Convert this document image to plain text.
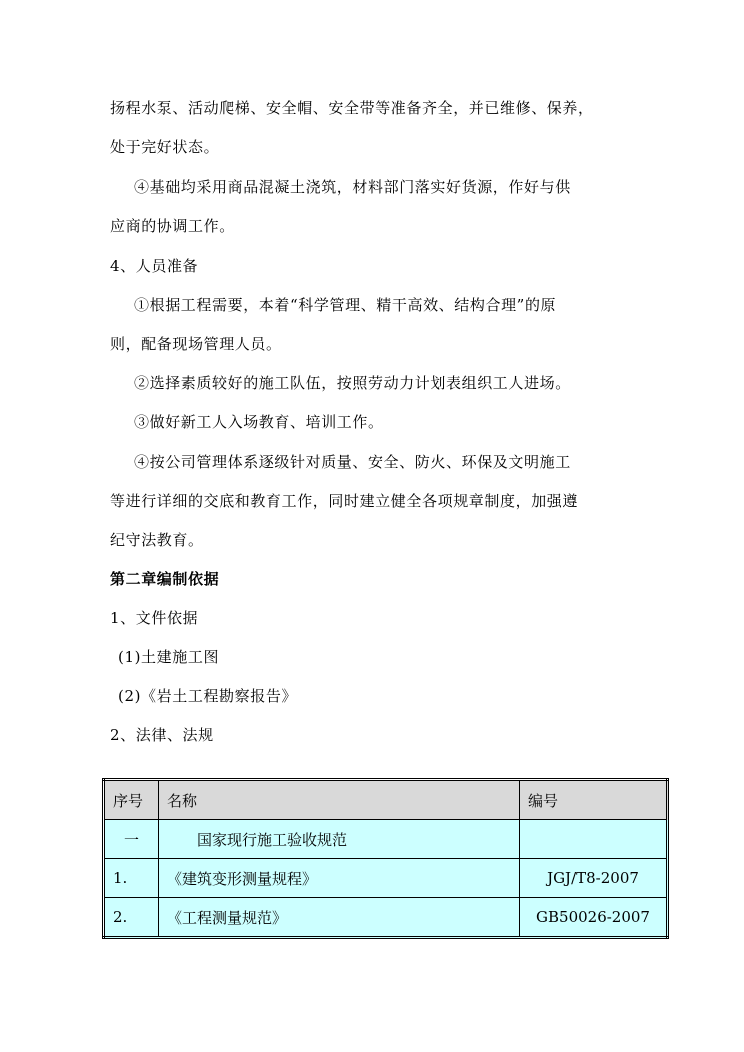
扬程水泵、活动爬梯、安全帽、安全带等准备齐全，并已维修、保养，
处于完好状态。
④基础均采用商品混凝土浇筑，材料部门落实好货源，作好与供
应商的协调工作。
4、人员准备
①根据工程需要，本着“科学管理、精干高效、结构合理”的原
则，配备现场管理人员。
②选择素质较好的施工队伍，按照劳动力计划表组织工人进场。
③做好新工人入场教育、培训工作。
④按公司管理体系逐级针对质量、安全、防火、环保及文明施工
等进行详细的交底和教育工作，同时建立健全各项规章制度，加强遵
纪守法教育。
第二章编制依据
1、文件依据
(1)土建施工图
(2)《岩土工程勘察报告》
2、法律、法规
序号	名称	编号
一	国家现行施工验收规范	
1.	《建筑变形测量规程》	JGJ/T8-2007
2.	《工程测量规范》	GB50026-2007
